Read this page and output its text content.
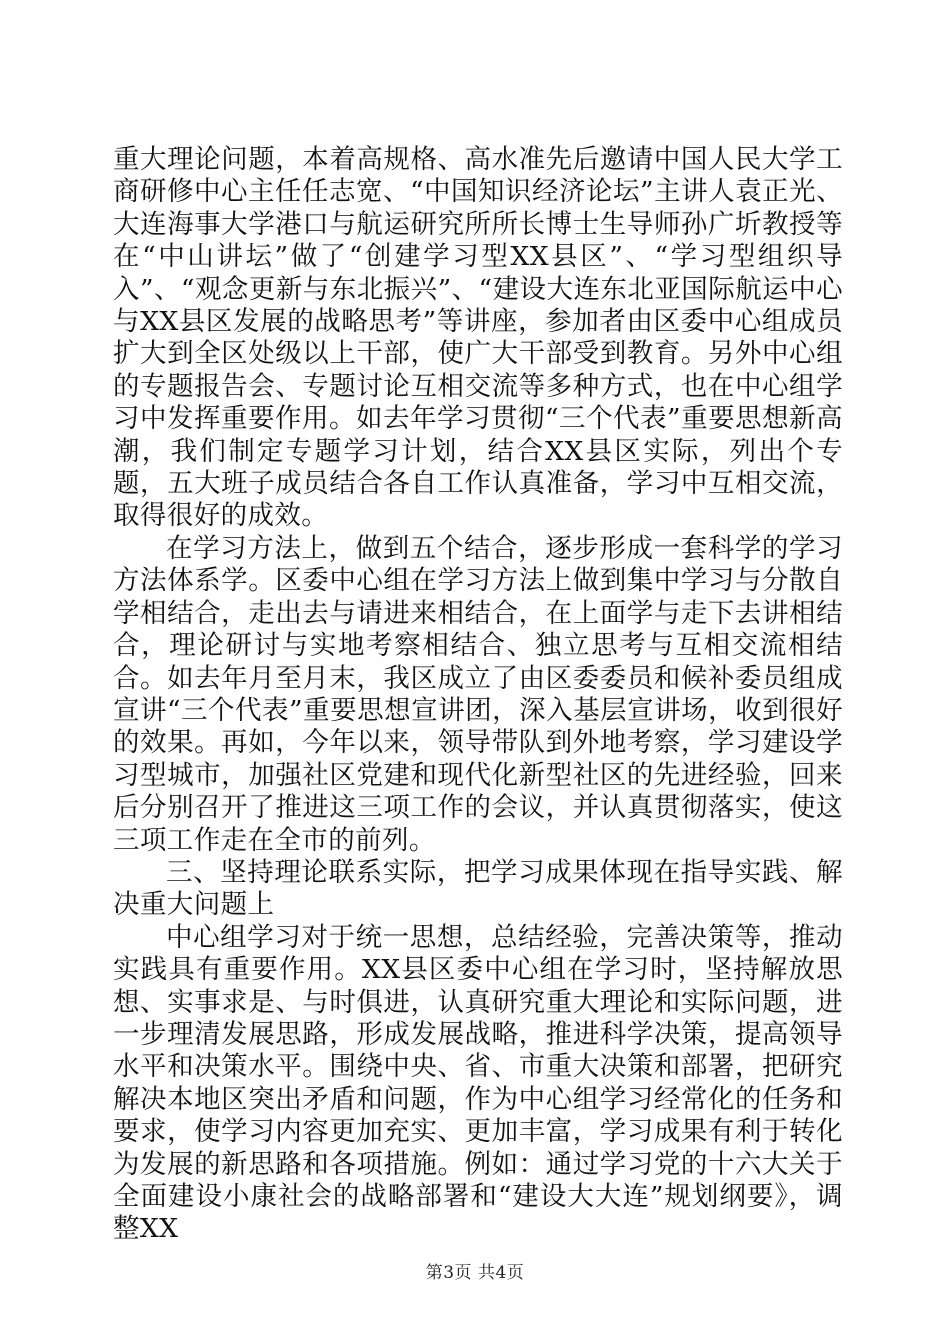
重大理论问题，本着高规格、高水准先后邀请中国人民大学工商研修中心主任任志宽、“中国知识经济论坛”主讲人袁正光、大连海事大学港口与航运研究所所长博士生导师孙广圻教授等在“中山讲坛”做了“创建学习型XX县区”、“学习型组织导入”、“观念更新与东北振兴”、“建设大连东北亚国际航运中心与XX县区发展的战略思考”等讲座，参加者由区委中心组成员扩大到全区处级以上干部，使广大干部受到教育。另外中心组的专题报告会、专题讨论互相交流等多种方式，也在中心组学习中发挥重要作用。如去年学习贯彻“三个代表”重要思想新高潮，我们制定专题学习计划，结合XX县区实际，列出个专题，五大班子成员结合各自工作认真准备，学习中互相交流，取得很好的成效。

在学习方法上，做到五个结合，逐步形成一套科学的学习方法体系学。区委中心组在学习方法上做到集中学习与分散自学相结合，走出去与请进来相结合，在上面学与走下去讲相结合，理论研讨与实地考察相结合、独立思考与互相交流相结合。如去年月至月末，我区成立了由区委委员和候补委员组成宣讲“三个代表”重要思想宣讲团，深入基层宣讲场，收到很好的效果。再如，今年以来，领导带队到外地考察，学习建设学习型城市，加强社区党建和现代化新型社区的先进经验，回来后分别召开了推进这三项工作的会议，并认真贯彻落实，使这三项工作走在全市的前列。

三、坚持理论联系实际，把学习成果体现在指导实践、解决重大问题上

中心组学习对于统一思想，总结经验，完善决策等，推动实践具有重要作用。XX县区委中心组在学习时，坚持解放思想、实事求是、与时俱进，认真研究重大理论和实际问题，进一步理清发展思路，形成发展战略，推进科学决策，提高领导水平和决策水平。围绕中央、省、市重大决策和部署，把研究解决本地区突出矛盾和问题，作为中心组学习经常化的任务和要求，使学习内容更加充实、更加丰富，学习成果有利于转化为发展的新思路和各项措施。例如：通过学习党的十六大关于全面建设小康社会的战略部署和“建设大大连”规划纲要》，调整XX

第3页 共4页
